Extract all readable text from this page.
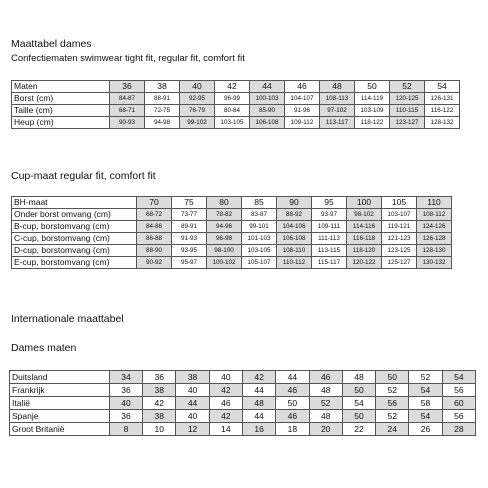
Maattabel dames
Confectiematen swimwear tight fit, regular fit, comfort fit
Maten	36	38	40	42	44	46	48	50	52	54
Borst (cm)	84-87	88-91	92-95	96-99	100-103	104-107	108-113	114-119	120-125	126-131
Taille (cm)	68-71	72-75	76-79	80-84	85-90	91-96	97-102	103-109	110-115	116-122
Heup (cm)	90-93	94-98	99-102	103-105	106-108	109-112	113-117	118-122	123-127	128-132
Cup-maat regular fit, comfort fit
BH-maat	70	75	80	85	90	95	100	105	110
Onder borst omvang (cm)	68-72	73-77	78-82	83-87	88-92	93-97	98-102	103-107	108-112
B-cup, borstomvang (cm)	84-86	89-91	94-96	99-101	104-106	109-111	114-116	119-121	124-126
C-cup, borstomvang (cm)	86-88	91-93	96-98	101-103	106-108	111-113	116-118	121-123	126-128
D-cup, borstomvang (cm)	88-90	93-95	98-100	103-105	108-110	113-115	118-120	123-125	128-130
E-cup, borstomvang (cm)	90-92	95-97	100-102	105-107	110-112	115-117	120-122	125-127	130-132
Internationale maattabel
Dames maten
Duitsland	34	36	38	40	42	44	46	48	50	52	54
Frankrijk	36	38	40	42	44	46	48	50	52	54	56
Italië	40	42	44	46	48	50	52	54	56	58	60
Spanje	36	38	40	42	44	46	48	50	52	54	56
Groot Britanië	8	10	12	14	16	18	20	22	24	26	28
